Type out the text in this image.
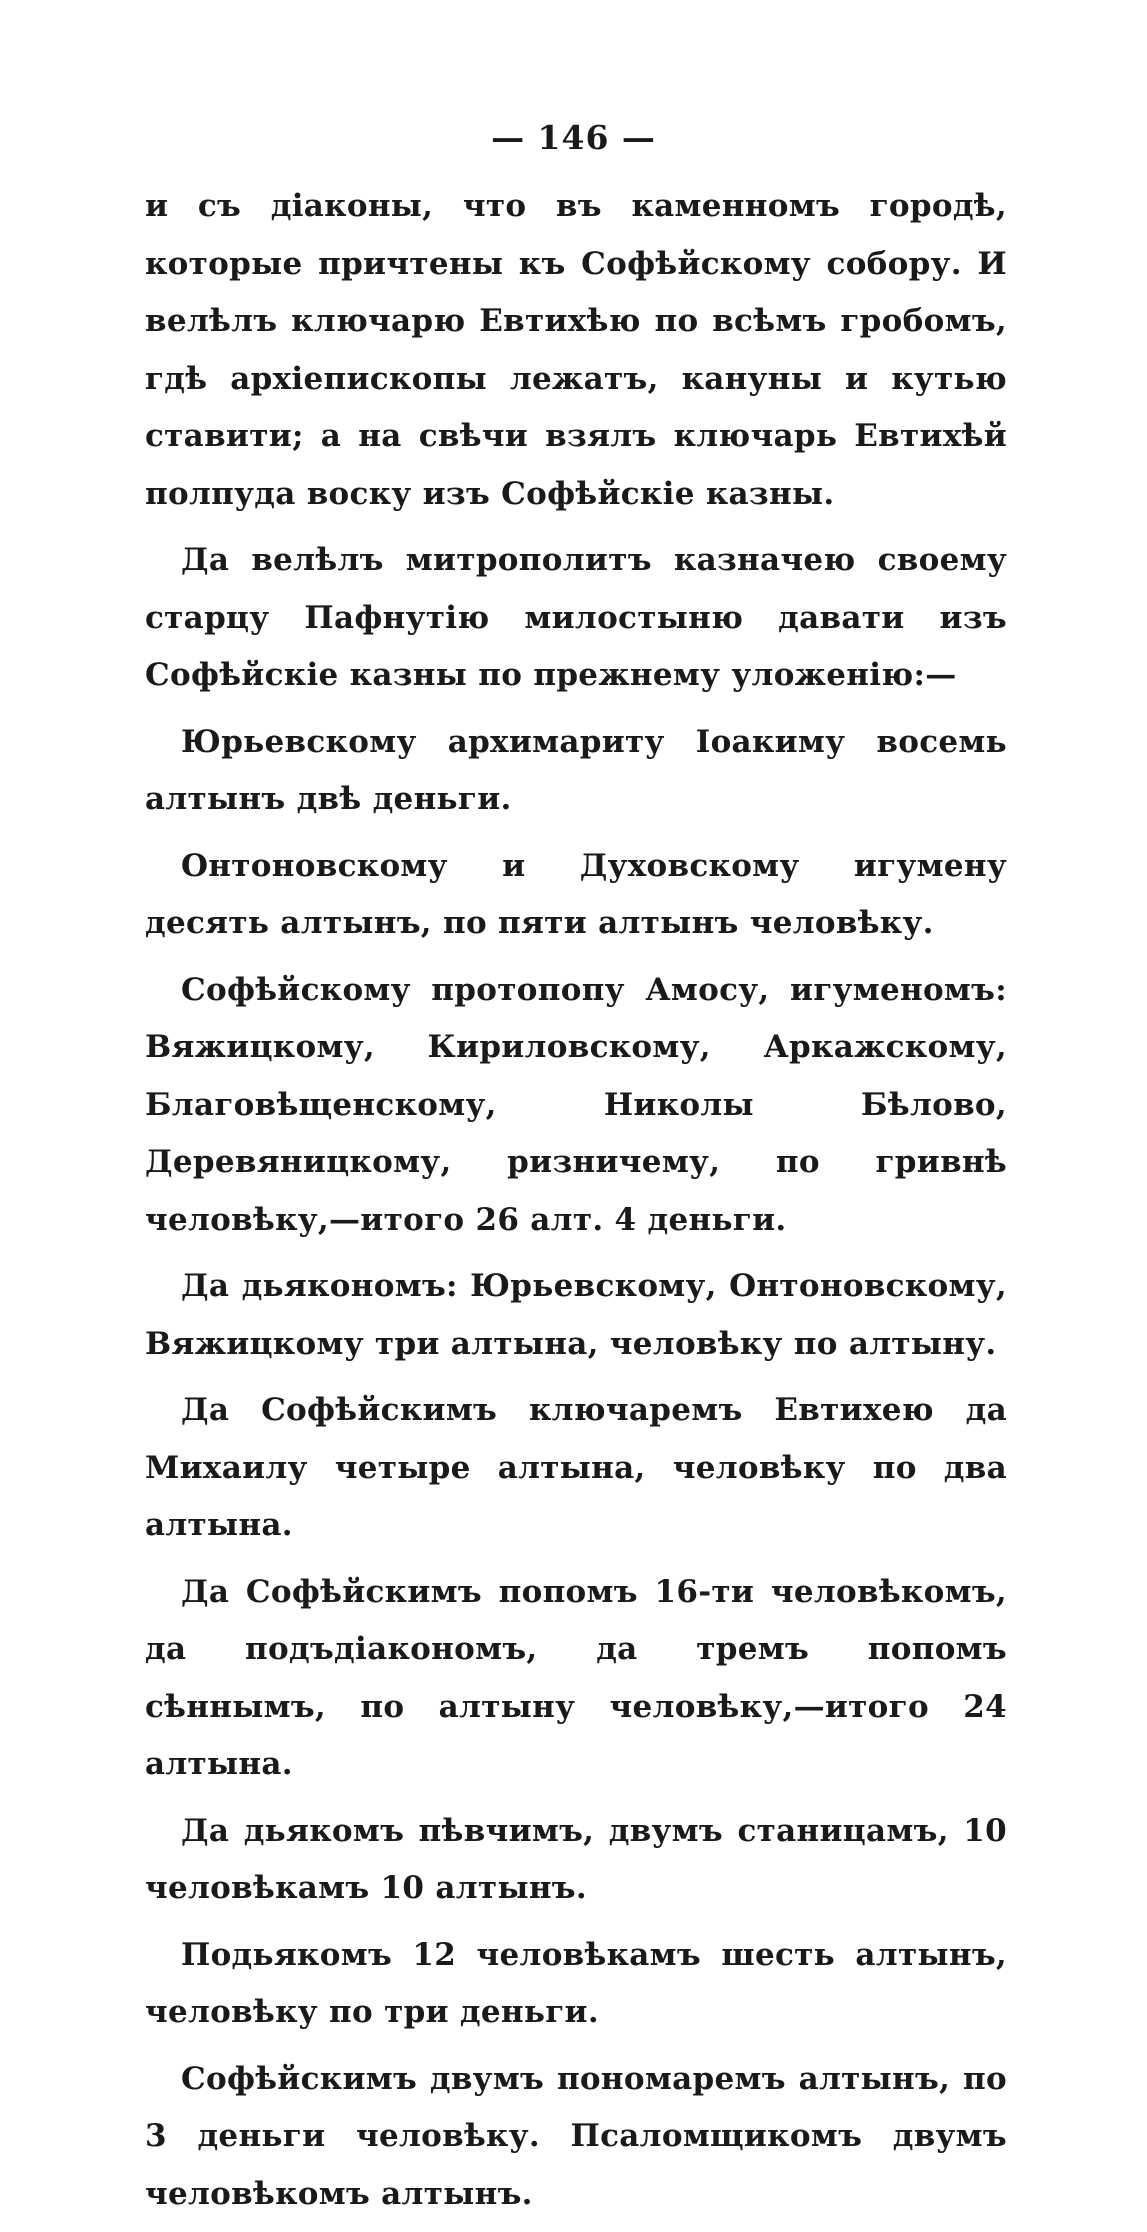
— 146 —

и съ діаконы, что въ каменномъ городѣ, которые причтены къ Софѣйскому собору. И велѣлъ ключарю Евтихѣю по всѣмъ гробомъ, гдѣ архіепископы лежатъ, кануны и кутью ставити; а на свѣчи взялъ ключарь Евтихѣй полпуда воску изъ Софѣйскіе казны.

Да велѣлъ митрополитъ казначею своему старцу Пафнутію милостыню давати изъ Софѣйскіе казны по прежнему уложенію:—

Юрьевскому архимариту Іоакиму восемь алтынъ двѣ деньги.

Онтоновскому и Духовскому игумену десять алтынъ, по пяти алтынъ человѣку.

Софѣйскому протопопу Амосу, игуменомъ: Вяжицкому, Кириловскому, Аркажскому, Благовѣщенскому, Николы Бѣлово, Деревяницкому, ризничему, по гривнѣ человѣку,—итого 26 алт. 4 деньги.

Да дьякономъ: Юрьевскому, Онтоновскому, Вяжицкому три алтына, человѣку по алтыну.

Да Софѣйскимъ ключаремъ Евтихею да Михаилу четыре алтына, человѣку по два алтына.

Да Софѣйскимъ попомъ 16-ти человѣкомъ, да подъдіакономъ, да тремъ попомъ сѣннымъ, по алтыну человѣку,—итого 24 алтына.

Да дьякомъ пѣвчимъ, двумъ станицамъ, 10 человѣкамъ 10 алтынъ.

Подьякомъ 12 человѣкамъ шесть алтынъ, человѣку по три деньги.

Софѣйскимъ двумъ пономаремъ алтынъ, по 3 деньги человѣку. Псаломщикомъ двумъ человѣкомъ алтынъ.
